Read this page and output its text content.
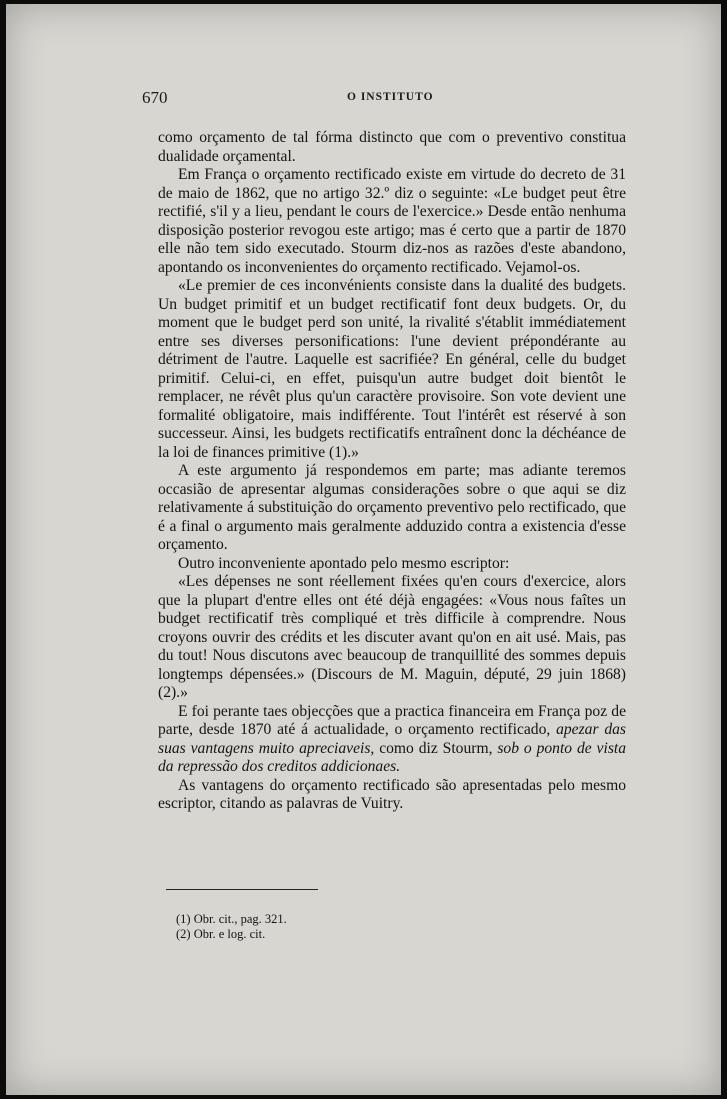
670	O INSTITUTO

como orçamento de tal fórma distincto que com o preventivo constitua dualidade orçamental.

Em França o orçamento rectificado existe em virtude do decreto de 31 de maio de 1862, que no artigo 32.º diz o seguinte: «Le budget peut être rectifié, s'il y a lieu, pendant le cours de l'exercice.» Desde então nenhuma disposição posterior revogou este artigo; mas é certo que a partir de 1870 elle não tem sido executado. Stourm diz-nos as razões d'este abandono, apontando os inconvenientes do orçamento rectificado. Vejamol-os.

«Le premier de ces inconvénients consiste dans la dualité des budgets. Un budget primitif et un budget rectificatif font deux budgets. Or, du moment que le budget perd son unité, la rivalité s'établit immédiatement entre ses diverses personifications: l'une devient prépondérante au détriment de l'autre. Laquelle est sacrifiée? En général, celle du budget primitif. Celui-ci, en effet, puisqu'un autre budget doit bientôt le remplacer, ne révêt plus qu'un caractère provisoire. Son vote devient une formalité obligatoire, mais indifférente. Tout l'intérêt est réservé à son successeur. Ainsi, les budgets rectificatifs entraînent donc la déchéance de la loi de finances primitive (1).»

A este argumento já respondemos em parte; mas adiante teremos occasião de apresentar algumas considerações sobre o que aqui se diz relativamente á substituição do orçamento preventivo pelo rectificado, que é a final o argumento mais geralmente adduzido contra a existencia d'esse orçamento.

Outro inconveniente apontado pelo mesmo escriptor:

«Les dépenses ne sont réellement fixées qu'en cours d'exercice, alors que la plupart d'entre elles ont été déjà engagées: «Vous nous faîtes un budget rectificatif très compliqué et très difficile à comprendre. Nous croyons ouvrir des crédits et les discuter avant qu'on en ait usé. Mais, pas du tout! Nous discutons avec beaucoup de tranquillité des sommes depuis longtemps dépensées.» (Discours de M. Maguin, député, 29 juin 1868) (2).»

E foi perante taes objecções que a practica financeira em França poz de parte, desde 1870 até á actualidade, o orçamento rectificado, apezar das suas vantagens muito apreciaveis, como diz Stourm, sob o ponto de vista da repressão dos creditos addicionaes.

As vantagens do orçamento rectificado são apresentadas pelo mesmo escriptor, citando as palavras de Vuitry.

(1) Obr. cit., pag. 321.
(2) Obr. e log. cit.
